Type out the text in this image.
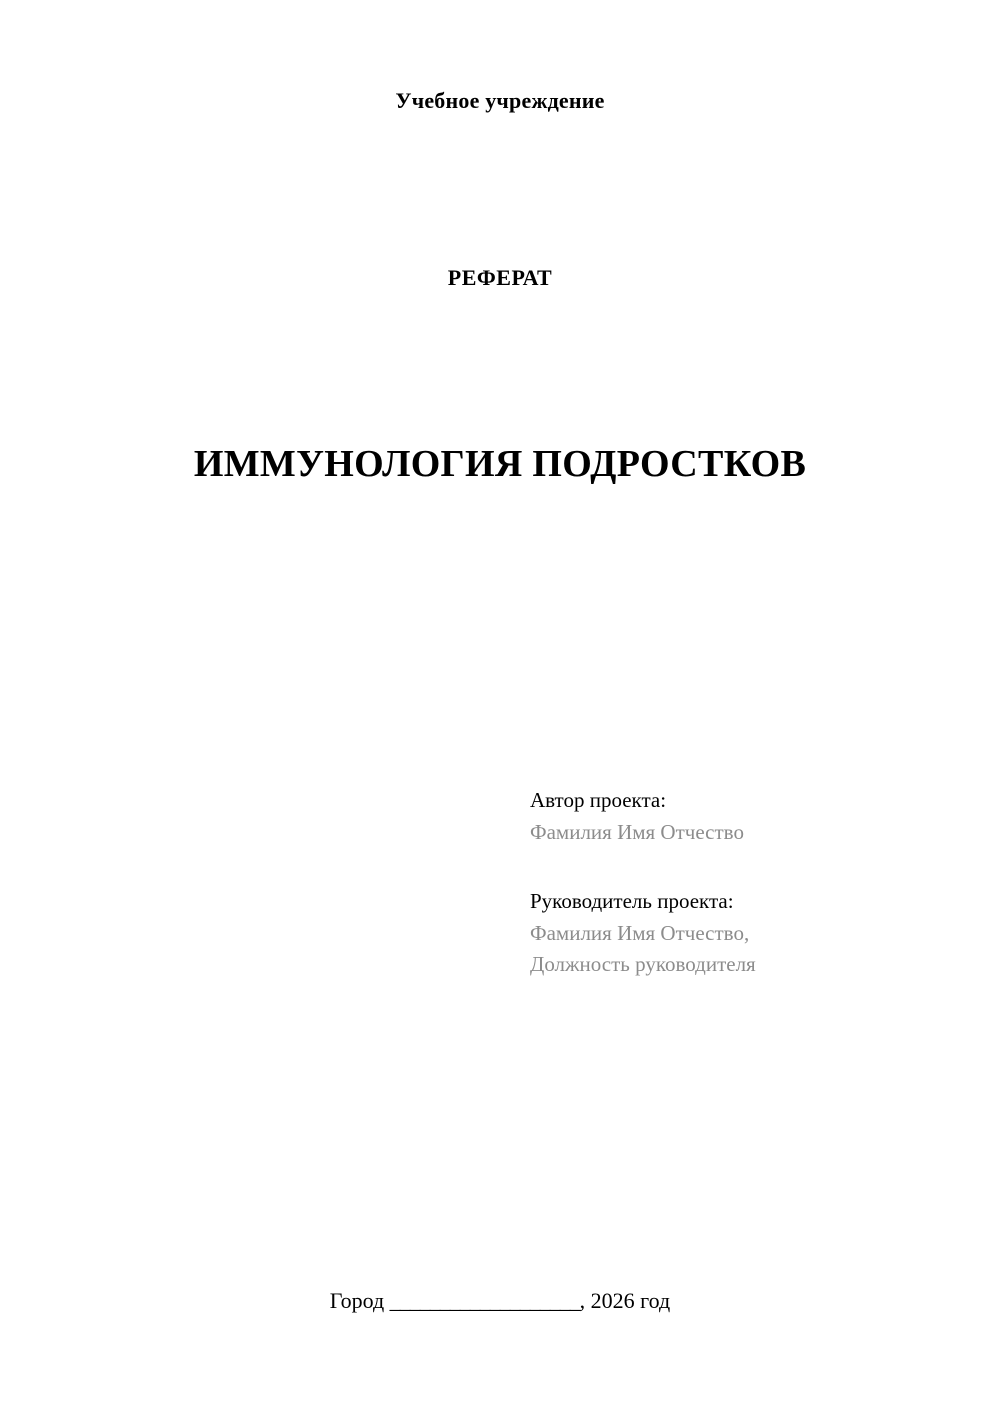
Учебное учреждение
РЕФЕРАТ
ИММУНОЛОГИЯ ПОДРОСТКОВ
Автор проекта:
Фамилия Имя Отчество
Руководитель проекта:
Фамилия Имя Отчество,
Должность руководителя
Город ___________________, 2026 год
